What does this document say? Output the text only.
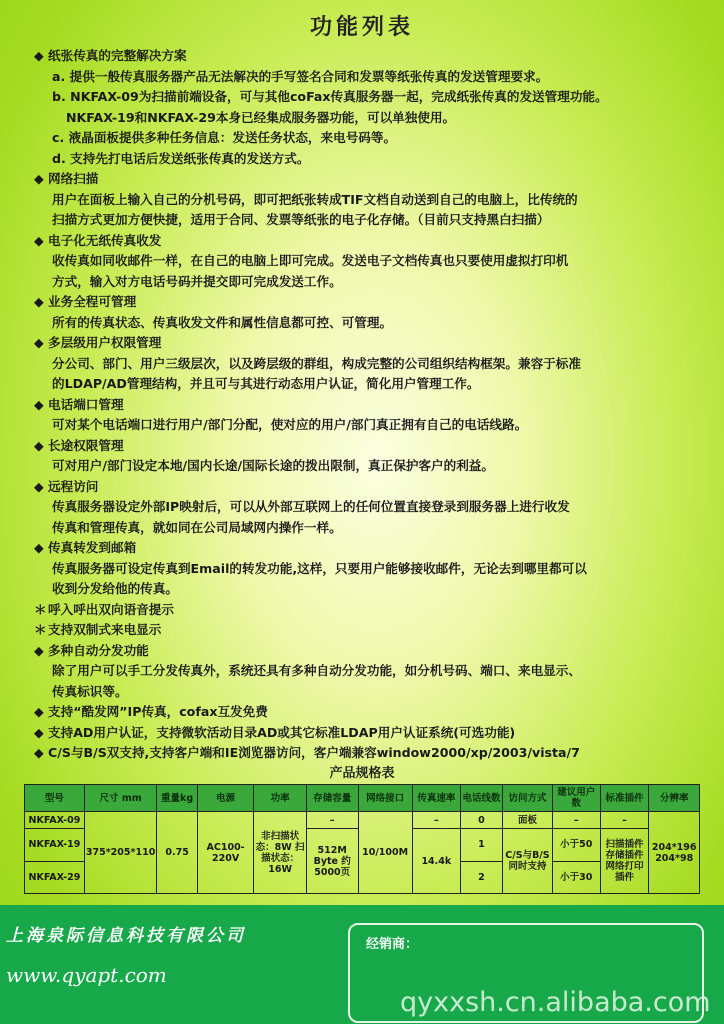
功能列表
◆ 纸张传真的完整解决方案
a. 提供一般传真服务器产品无法解决的手写签名合同和发票等纸张传真的发送管理要求。
b. NKFAX-09为扫描前端设备，可与其他coFax传真服务器一起，完成纸张传真的发送管理功能。
NKFAX-19和NKFAX-29本身已经集成服务器功能，可以单独使用。
c. 液晶面板提供多种任务信息：发送任务状态，来电号码等。
d. 支持先打电话后发送纸张传真的发送方式。
◆ 网络扫描
用户在面板上输入自己的分机号码，即可把纸张转成TIF文档自动送到自己的电脑上，比传统的
扫描方式更加方便快捷，适用于合同、发票等纸张的电子化存储。（目前只支持黑白扫描）
◆ 电子化无纸传真收发
收传真如同收邮件一样，在自己的电脑上即可完成。发送电子文档传真也只要使用虚拟打印机
方式，输入对方电话号码并提交即可完成发送工作。
◆ 业务全程可管理
所有的传真状态、传真收发文件和属性信息都可控、可管理。
◆ 多层级用户权限管理
分公司、部门、用户三级层次，以及跨层级的群组，构成完整的公司组织结构框架。兼容于标准
的LDAP/AD管理结构，并且可与其进行动态用户认证，简化用户管理工作。
◆ 电话端口管理
可对某个电话端口进行用户/部门分配，使对应的用户/部门真正拥有自己的电话线路。
◆ 长途权限管理
可对用户/部门设定本地/国内长途/国际长途的拨出限制，真正保护客户的利益。
◆ 远程访问
传真服务器设定外部IP映射后，可以从外部互联网上的任何位置直接登录到服务器上进行收发
传真和管理传真，就如同在公司局域网内操作一样。
◆ 传真转发到邮箱
传真服务器可设定传真到Email的转发功能,这样，只要用户能够接收邮件，无论去到哪里都可以
收到分发给他的传真。
＊呼入呼出双向语音提示
＊支持双制式来电显示
◆ 多种自动分发功能
除了用户可以手工分发传真外，系统还具有多种自动分发功能，如分机号码、端口、来电显示、
传真标识等。
◆ 支持“酷发网”IP传真，cofax互发免费
◆ 支持AD用户认证，支持微软活动目录AD或其它标准LDAP用户认证系统(可选功能)
◆ C/S与B/S双支持,支持客户端和IE浏览器访问，客户端兼容window2000/xp/2003/vista/7
产品规格表
型号	尺寸 mm	重量kg	电源	功率	存储容量	网络接口	传真速率	电话线数	访问方式	建议用户数	标准插件	分辨率
NKFAX-09	375*205*110	0.75	AC100-220V	非扫描状态：8W 扫描状态：16W	–	10/100M	–	0	面板	–	–	204*196 204*98
NKFAX-19					512M Byte 约5000页		14.4k	1	C/S与B/S同时支持	小于50	扫描插件 存储插件 网络打印插件	
NKFAX-29								2		小于30		
上海泉际信息科技有限公司
www.qyapt.com
经销商：
qyxxsh.cn.alibaba.com
